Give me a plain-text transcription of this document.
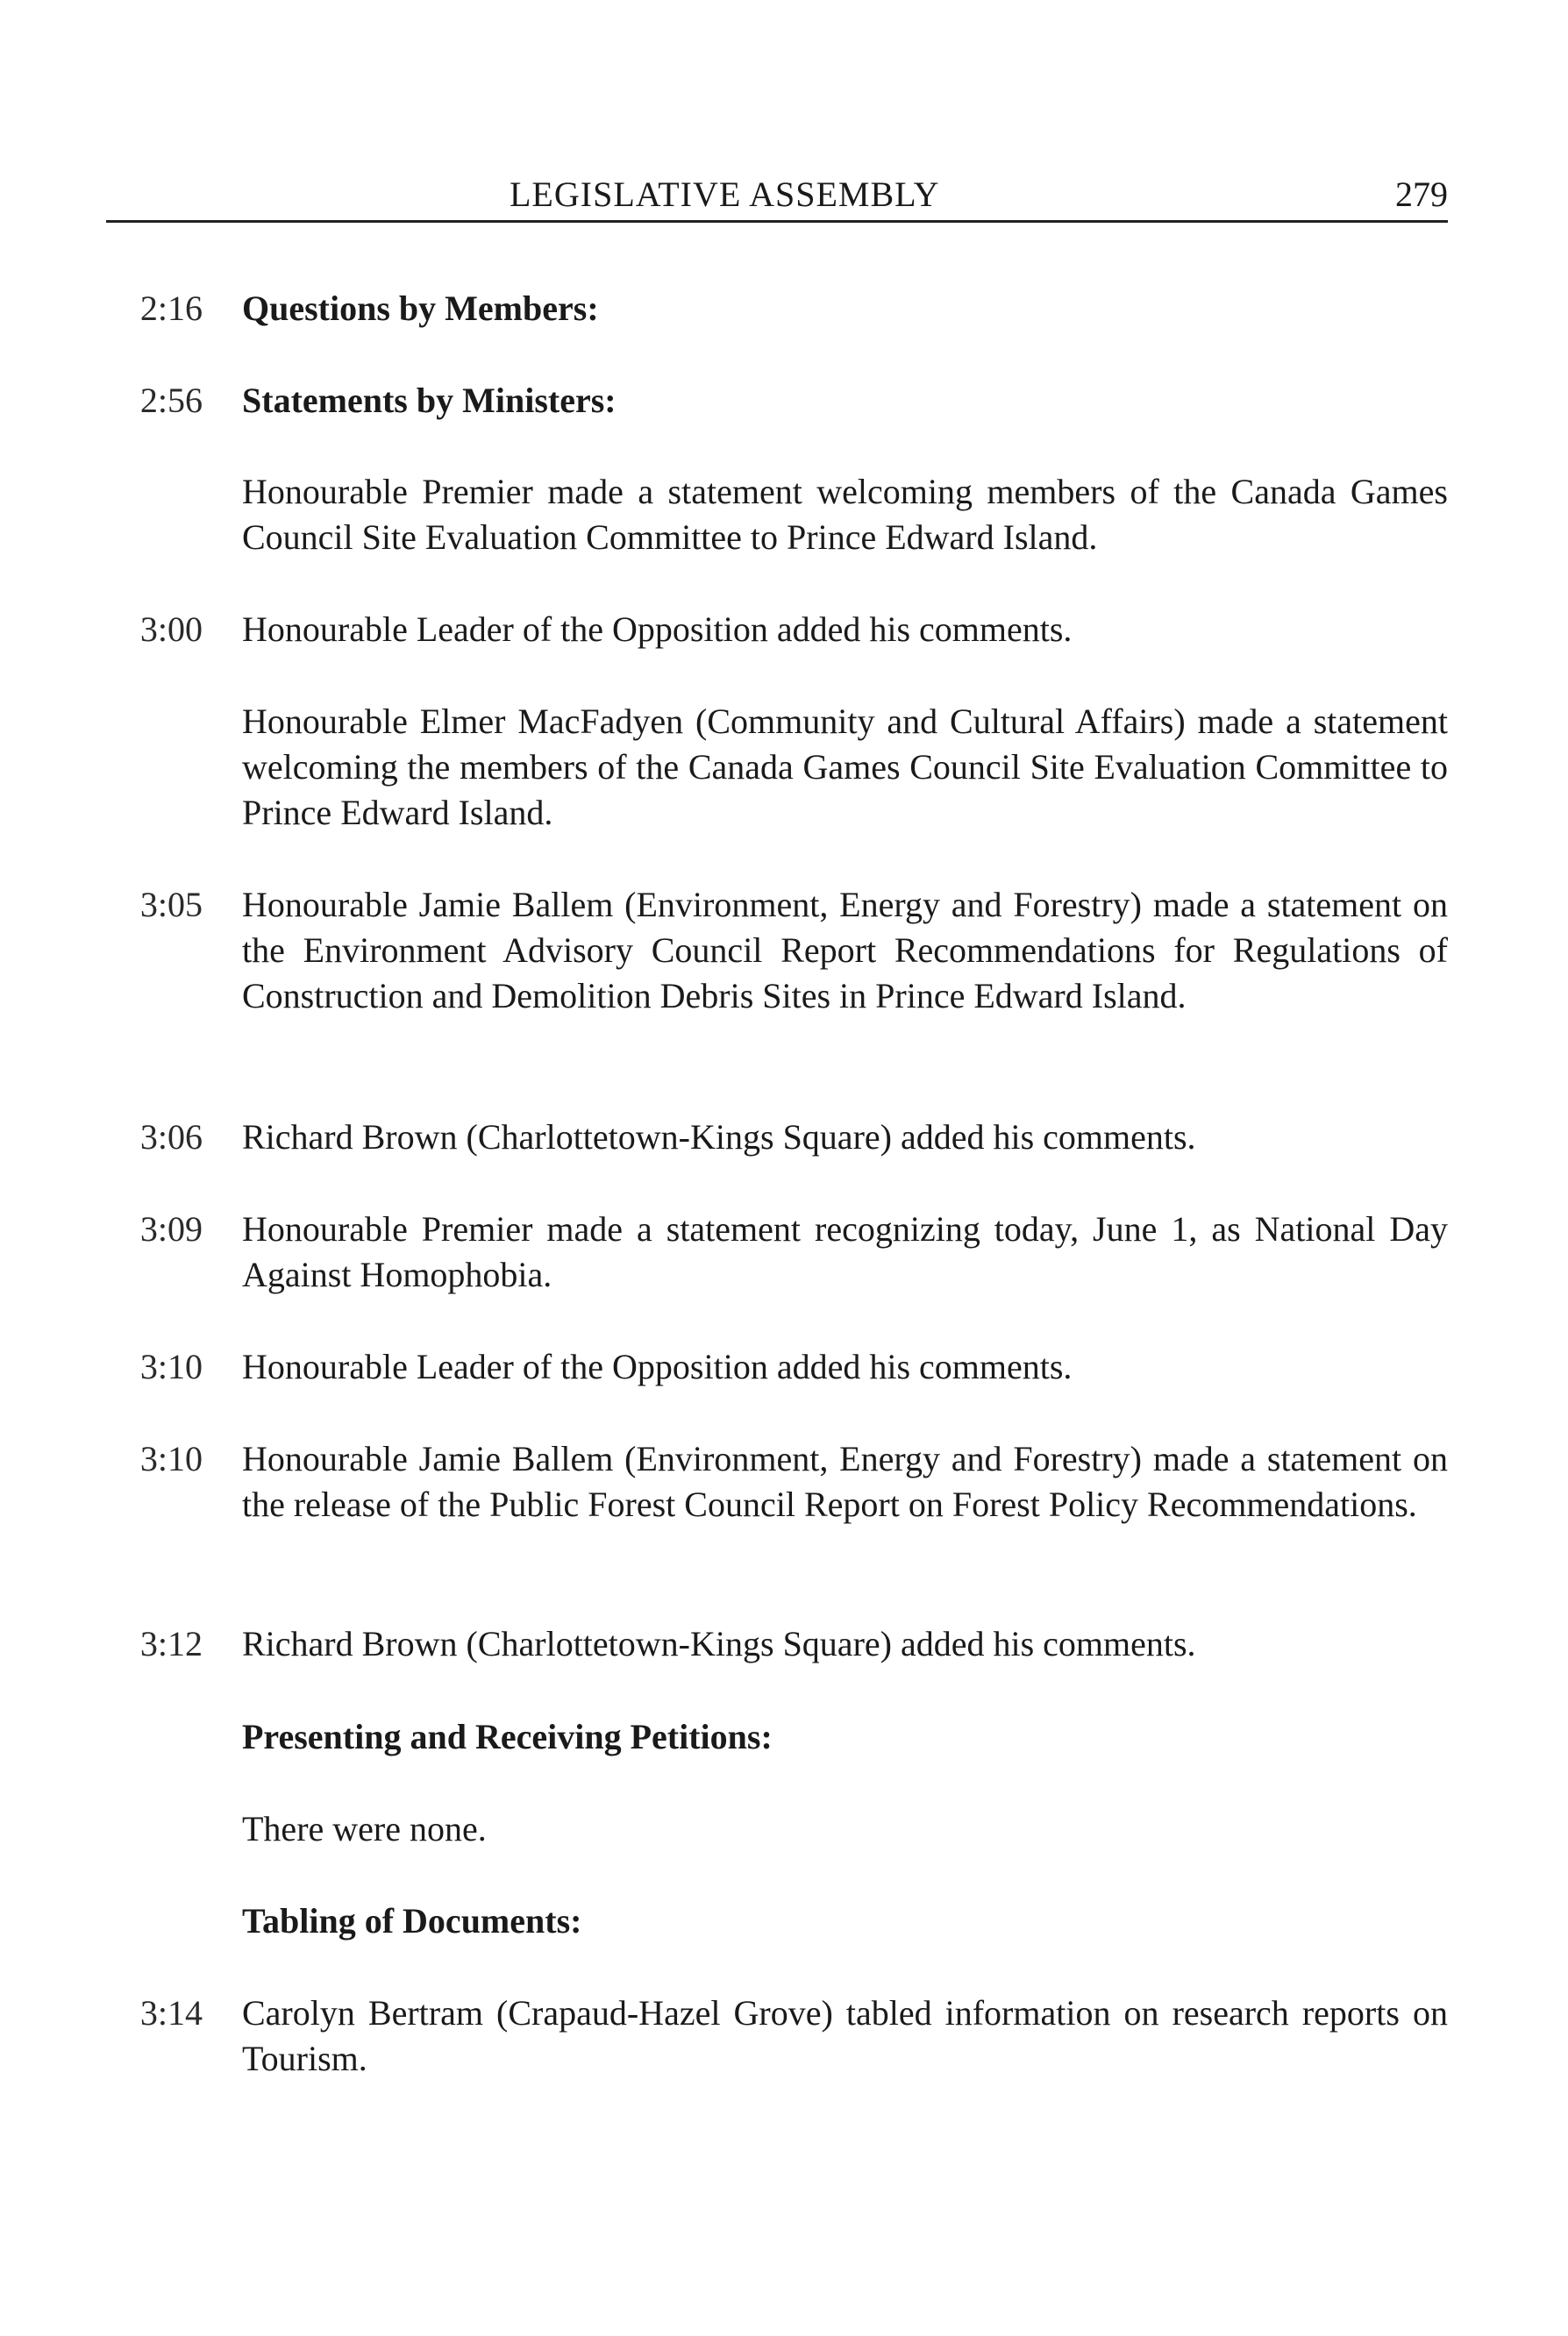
LEGISLATIVE ASSEMBLY	279
2:16 Questions by Members:
2:56 Statements by Ministers:
Honourable Premier made a statement welcoming members of the Canada Games Council Site Evaluation Committee to Prince Edward Island.
3:00 Honourable Leader of the Opposition added his comments.
Honourable Elmer MacFadyen (Community and Cultural Affairs) made a statement welcoming the members of the Canada Games Council Site Evaluation Committee to Prince Edward Island.
3:05 Honourable Jamie Ballem (Environment, Energy and Forestry) made a statement on the Environment Advisory Council Report Recommendations for Regulations of Construction and Demolition Debris Sites in Prince Edward Island.
3:06 Richard Brown (Charlottetown-Kings Square) added his comments.
3:09 Honourable Premier made a statement recognizing today, June 1, as National Day Against Homophobia.
3:10 Honourable Leader of the Opposition added his comments.
3:10 Honourable Jamie Ballem (Environment, Energy and Forestry) made a statement on the release of the Public Forest Council Report on Forest Policy Recommendations.
3:12 Richard Brown (Charlottetown-Kings Square) added his comments.
Presenting and Receiving Petitions:
There were none.
Tabling of Documents:
3:14 Carolyn Bertram (Crapaud-Hazel Grove) tabled information on research reports on Tourism.
